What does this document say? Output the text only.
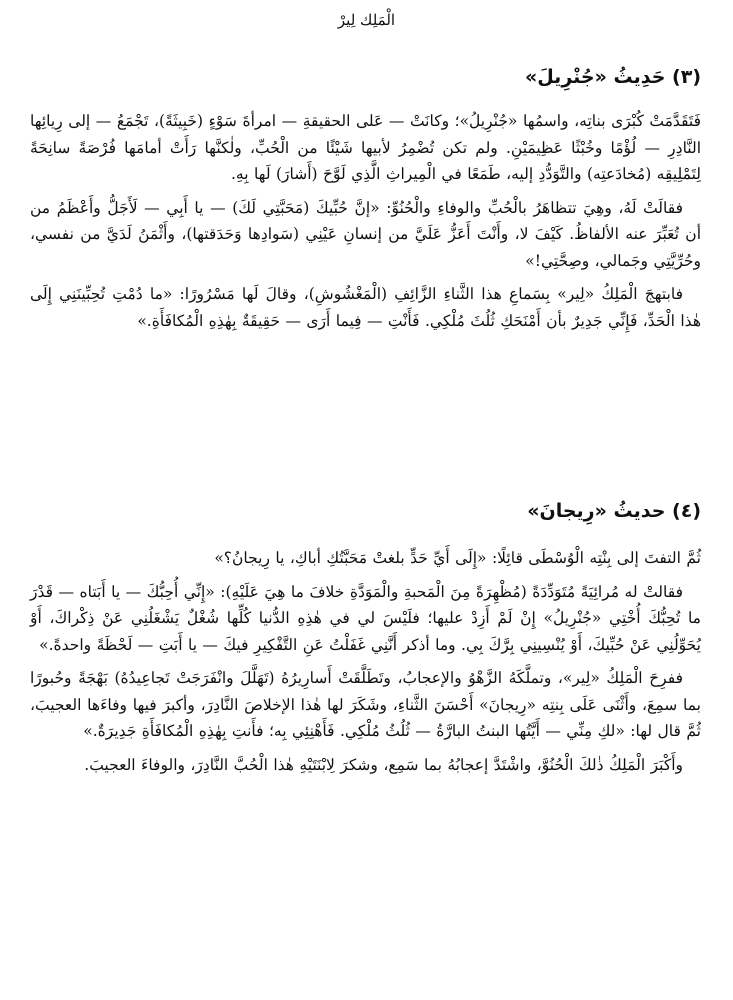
الْمَلِك لِيرْ
(٣) حَدِيثُ «جُنْرِيلَ»

فَتَقَدَّمَتْ كُبْرَى بناتِه، واسمُها «جُنْرِيلُ»؛ وكانَتْ — عَلى الحقيقةِ — امرأةَ سَوْءٍ (خَبِيثَةً)، تَجْمَعُ — إلى رِيائِها النَّادِرِ — لُؤْمًا وخُبْثًا عَظِيمَيْنِ. ولم تكن تُضْمِرُ لأبيها شَيْئًا من الْحُبِّ، ولٰكنَّها رَأَتْ أمامَها فُرْصَةً سانِحَةً لِتَمْلِيقِه (مُخادَعتِه) والتَّوَدُّدِ إليه، طَمَعًا في الْمِيراثِ الَّذِي لَوَّحَ (أَشارَ) لَها بِهِ.

فقالَتْ لَهُ، وهِيَ تتظاهَرُ بالْحُبِّ والوفاءِ والْحُنُوِّ: «إنَّ حُبِّيكَ (مَحَبَّتِي لَكَ) — يا أَبِي — لَأَجَلُّ وأَعْظَمُ من أن تُعَبِّرَ عنه الألفاظُ. كَيْفَ لا، وأَنْتَ أَعَزُّ عَلَيَّ من إنسانِ عَيْنِي (سَوادِها وَحَدَقتها)، وأَثْمَنُ لَدَيَّ من نفسي، وحُرِّيَّتِي وجَمالي، وصِحَّتِي!»

فابتهجَ الْمَلِكُ «لِير» بِسَماعِ هذا الثَّناءِ الزَّائِفِ (الْمَغْشُوشِ)، وقالَ لَها مَسْرُورًا: «ما دُمْتِ تُحِبِّينَنِي إِلَى هٰذا الْحَدِّ، فَإِنِّي جَدِيرٌ بأن أَمْنَحَكِ ثُلُثَ مُلْكِي. فَأَنْتِ — فِيما أَرَى — حَقِيقَةٌ بِهٰذِهِ الْمُكافَأَةِ.»

(٤) حديثُ «رِيجانَ»

ثُمَّ التفتَ إلى بِنْتِه الْوُسْطَى قائِلًا: «إِلَى أَيِّ حَدٍّ بلغتْ مَحَبَّتُكِ أباكِ، يا رِيجانُ؟»

فقالتْ له مُرائِيَةً مُتَوَدِّدَةً (مُظْهِرَةً مِنَ الْمَحبةِ والْمَوَدَّةِ خلافَ ما هِيَ عَلَيْهِ): «إِنِّي أُحِبُّكَ — يا أَبَتاه — قَدْرَ ما تُحِبُّكَ أُخْتِي «جُنْرِيلُ» إِنْ لَمْ أَزِدْ عليها؛ فلَيْسَ لي في هٰذِهِ الدُّنيا كُلِّها شُغْلٌ يَشْغَلُنِي عَنْ ذِكْراكَ، أَوْ يُحَوِّلُنِي عَنْ حُبِّيكَ، أَوْ يُنْسِينِي بِرَّكَ بِي. وما أذكر أَنَّنِي غَفَلْتُ عَنِ التَّفْكِيرِ فيكَ — يا أَبَتِ — لَحْظَةً واحدةً.»

ففرِحَ الْمَلِكُ «لِير»، وتملَّكَهُ الزَّهْوُ والإعجابُ، وتَطَلَّقَتْ أَسارِيرُهُ (تَهَلَّلَ وانْفَرَجَتْ تَجاعِيدُهُ) بَهْجَةً وحُبورًا بما سمِعَ، وأَثْنَى عَلَى بِنتِه «رِيجانَ» أَحْسَنَ الثَّناءِ، وشَكَرَ لها هٰذا الإخلاصَ النَّادِرَ، وأكبرَ فيها وفاءَها العجيبَ، ثُمَّ قال لها: «لكِ مِنِّي — أَيَّتُها البنتُ البارَّةُ — ثُلُثُ مُلْكِي. فَأَهْنِئِي بِه؛ فأَنتِ بِهٰذِهِ الْمُكافَأَةِ جَدِيرَةٌ.»

وأَكْبَرَ الْمَلِكُ ذٰلكَ الْحُنُوَّ، واشْتَدَّ إعجابُهُ بما سَمِع، وشكرَ لِابْنَتَيْهِ هٰذا الْحُبَّ النَّادِرَ، والوفاءَ العجيبَ.
